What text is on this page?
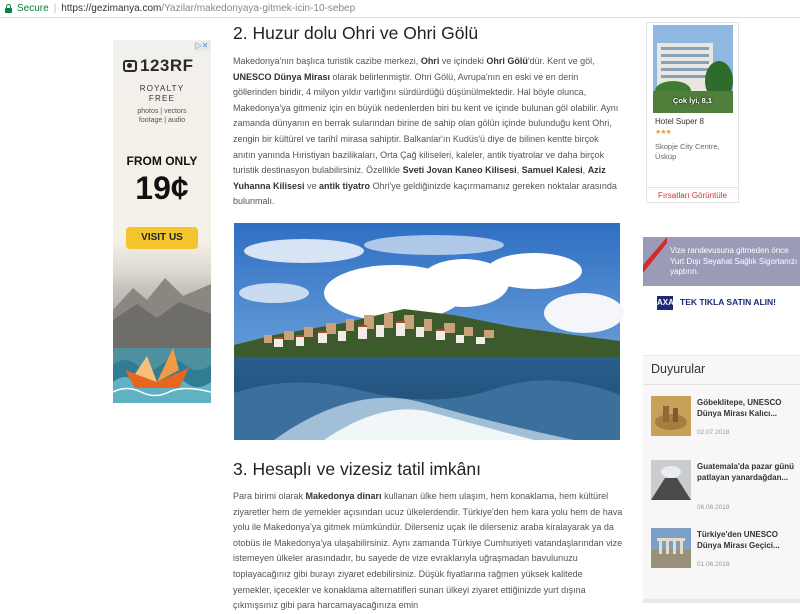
Secure | https://gezimanya.com /Yazilar/makedonyaya-gitmek-icin-10-sebep
▷✕
123RF
ROYALTY
FREE
photos | vectors
footage | audio
FROM ONLY
19¢
VISIT US
2. Huzur dolu Ohri ve Ohri Gölü

Makedonya'nın başlıca turistik cazibe merkezi, Ohri ve içindeki Ohri Gölü'dür. Kent ve göl, UNESCO Dünya Mirası olarak belirlenmiştir. Ohri Gölü, Avrupa'nın en eski ve en derin göllerinden biridir, 4 milyon yıldır varlığını sürdürdüğü düşünülmektedir. Hal böyle olunca, Makedonya'ya gitmeniz için en büyük nedenlerden biri bu kent ve içinde bulunan göl olabilir. Aynı zamanda dünyanın en berrak sularından birine de sahip olan gölün içinde bulunduğu kent Ohri, zengin bir kültürel ve tarihî mirasa sahiptir. Balkanlar'ın Kudüs'ü diye de bilinen kentte birçok anıtın yanında Hıristiyan bazilikaları, Orta Çağ kiliseleri, kaleler, antik tiyatrolar ve daha birçok turistik destinasyon bulabilirsiniz. Özellikle Sveti Jovan Kaneo Kilisesi, Samuel Kalesi, Aziz Yuhanna Kilisesi ve antik tiyatro Ohri'ye geldiğinizde kaçırmamanız gereken noktalar arasında bulunmalı.

3. Hesaplı ve vizesiz tatil imkânı

Para birimi olarak Makedonya dinarı kullanan ülke hem ulaşım, hem konaklama, hem kültürel ziyaretler hem de yemekler açısından ucuz ülkelerdendir. Türkiye'den hem kara yolu hem de hava yolu ile Makedonya'ya gitmek mümkündür. Dilerseniz uçak ile dilerseniz araba kiralayarak ya da otobüs ile Makedonya'ya ulaşabilirsiniz. Aynı zamanda Türkiye Cumhuriyeti vatandaşlarından vize istemeyen ülkeler arasındadır, bu sayede de vize evraklarıyla uğraşmadan bavulunuzu toplayacağınız gibi burayı ziyaret edebilirsiniz. Düşük fiyatlarına rağmen yüksek kalitede yemekler, içecekler ve konaklama alternatifleri sunan ülkeyi ziyaret ettiğinizde yurt dışına çıkmışsınız gibi para harcamayacağınıza emin

Çok İyi, 8,1
Hotel Super 8
★★★
Skopje City Centre,
Üsküp
Fırsatları Görüntüle
Vize randevusuna gitmeden önce Yurt Dışı Seyahat Sağlık Sigortanızı yaptırın.
AXA TEK TIKLA SATIN ALIN!
Duyurular
Göbeklitepe, UNESCO Dünya Mirası Kalıcı...
02.07.2018
Guatemala'da pazar günü patlayan yanardağdan...
06.06.2018
Türkiye'den UNESCO Dünya Mirası Geçici...
01.06.2018
